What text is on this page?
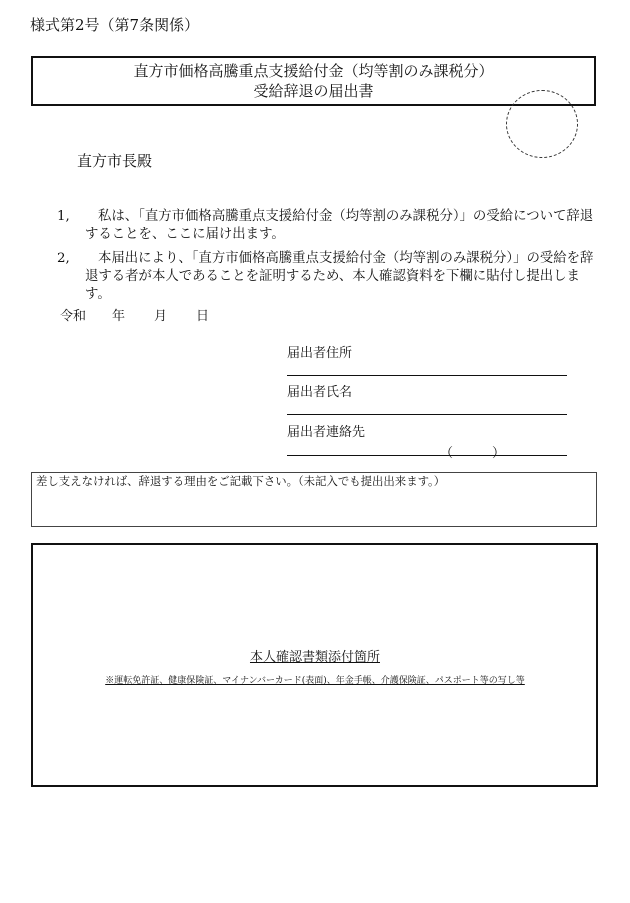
様式第2号（第7条関係）
直方市価格高騰重点支援給付金（均等割のみ課税分）
受給辞退の届出書
直方市長殿
1,	私は、「直方市価格高騰重点支援給付金（均等割のみ課税分）」の受給について辞退することを、ここに届け出ます。
2,	本届出により、「直方市価格高騰重点支援給付金（均等割のみ課税分）」の受給を辞退する者が本人であることを証明するため、本人確認資料を下欄に貼付し提出します。
令和 年 月 日
届出者住所
届出者氏名
届出者連絡先
（　　　）
差し支えなければ、辞退する理由をご記載下さい。（未記入でも提出出来ます。）
本人確認書類添付箇所
※運転免許証、健康保険証、マイナンバーカード(表面)、年金手帳、介護保険証、パスポート等の写し等
